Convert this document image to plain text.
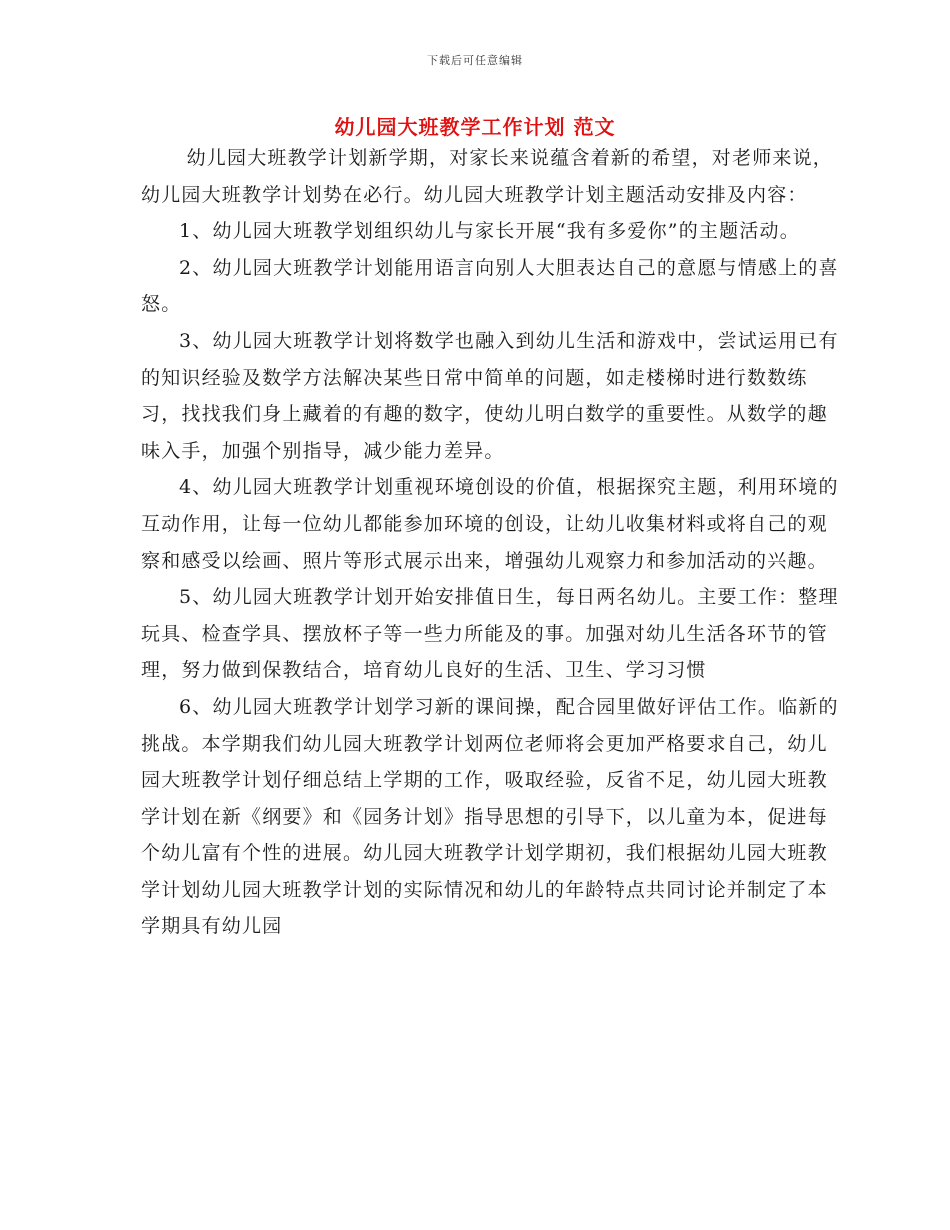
下载后可任意编辑
幼儿园大班教学工作计划 范文

幼儿园大班教学计划新学期，对家长来说蕴含着新的希望，对老师来说，幼儿园大班教学计划势在必行。幼儿园大班教学计划主题活动安排及内容：

1、幼儿园大班教学划组织幼儿与家长开展“我有多爱你”的主题活动。

2、幼儿园大班教学计划能用语言向别人大胆表达自己的意愿与情感上的喜怒。

3、幼儿园大班教学计划将数学也融入到幼儿生活和游戏中，尝试运用已有的知识经验及数学方法解决某些日常中简单的问题，如走楼梯时进行数数练习，找找我们身上藏着的有趣的数字，使幼儿明白数学的重要性。从数学的趣味入手，加强个别指导，减少能力差异。

4、幼儿园大班教学计划重视环境创设的价值，根据探究主题，利用环境的互动作用，让每一位幼儿都能参加环境的创设，让幼儿收集材料或将自己的观察和感受以绘画、照片等形式展示出来，增强幼儿观察力和参加活动的兴趣。

5、幼儿园大班教学计划开始安排值日生，每日两名幼儿。主要工作：整理玩具、检查学具、摆放杯子等一些力所能及的事。加强对幼儿生活各环节的管理，努力做到保教结合，培育幼儿良好的生活、卫生、学习习惯

6、幼儿园大班教学计划学习新的课间操，配合园里做好评估工作。临新的挑战。本学期我们幼儿园大班教学计划两位老师将会更加严格要求自己，幼儿园大班教学计划仔细总结上学期的工作，吸取经验，反省不足，幼儿园大班教学计划在新《纲要》和《园务计划》指导思想的引导下，以儿童为本，促进每个幼儿富有个性的进展。幼儿园大班教学计划学期初，我们根据幼儿园大班教学计划幼儿园大班教学计划的实际情况和幼儿的年龄特点共同讨论并制定了本学期具有幼儿园
